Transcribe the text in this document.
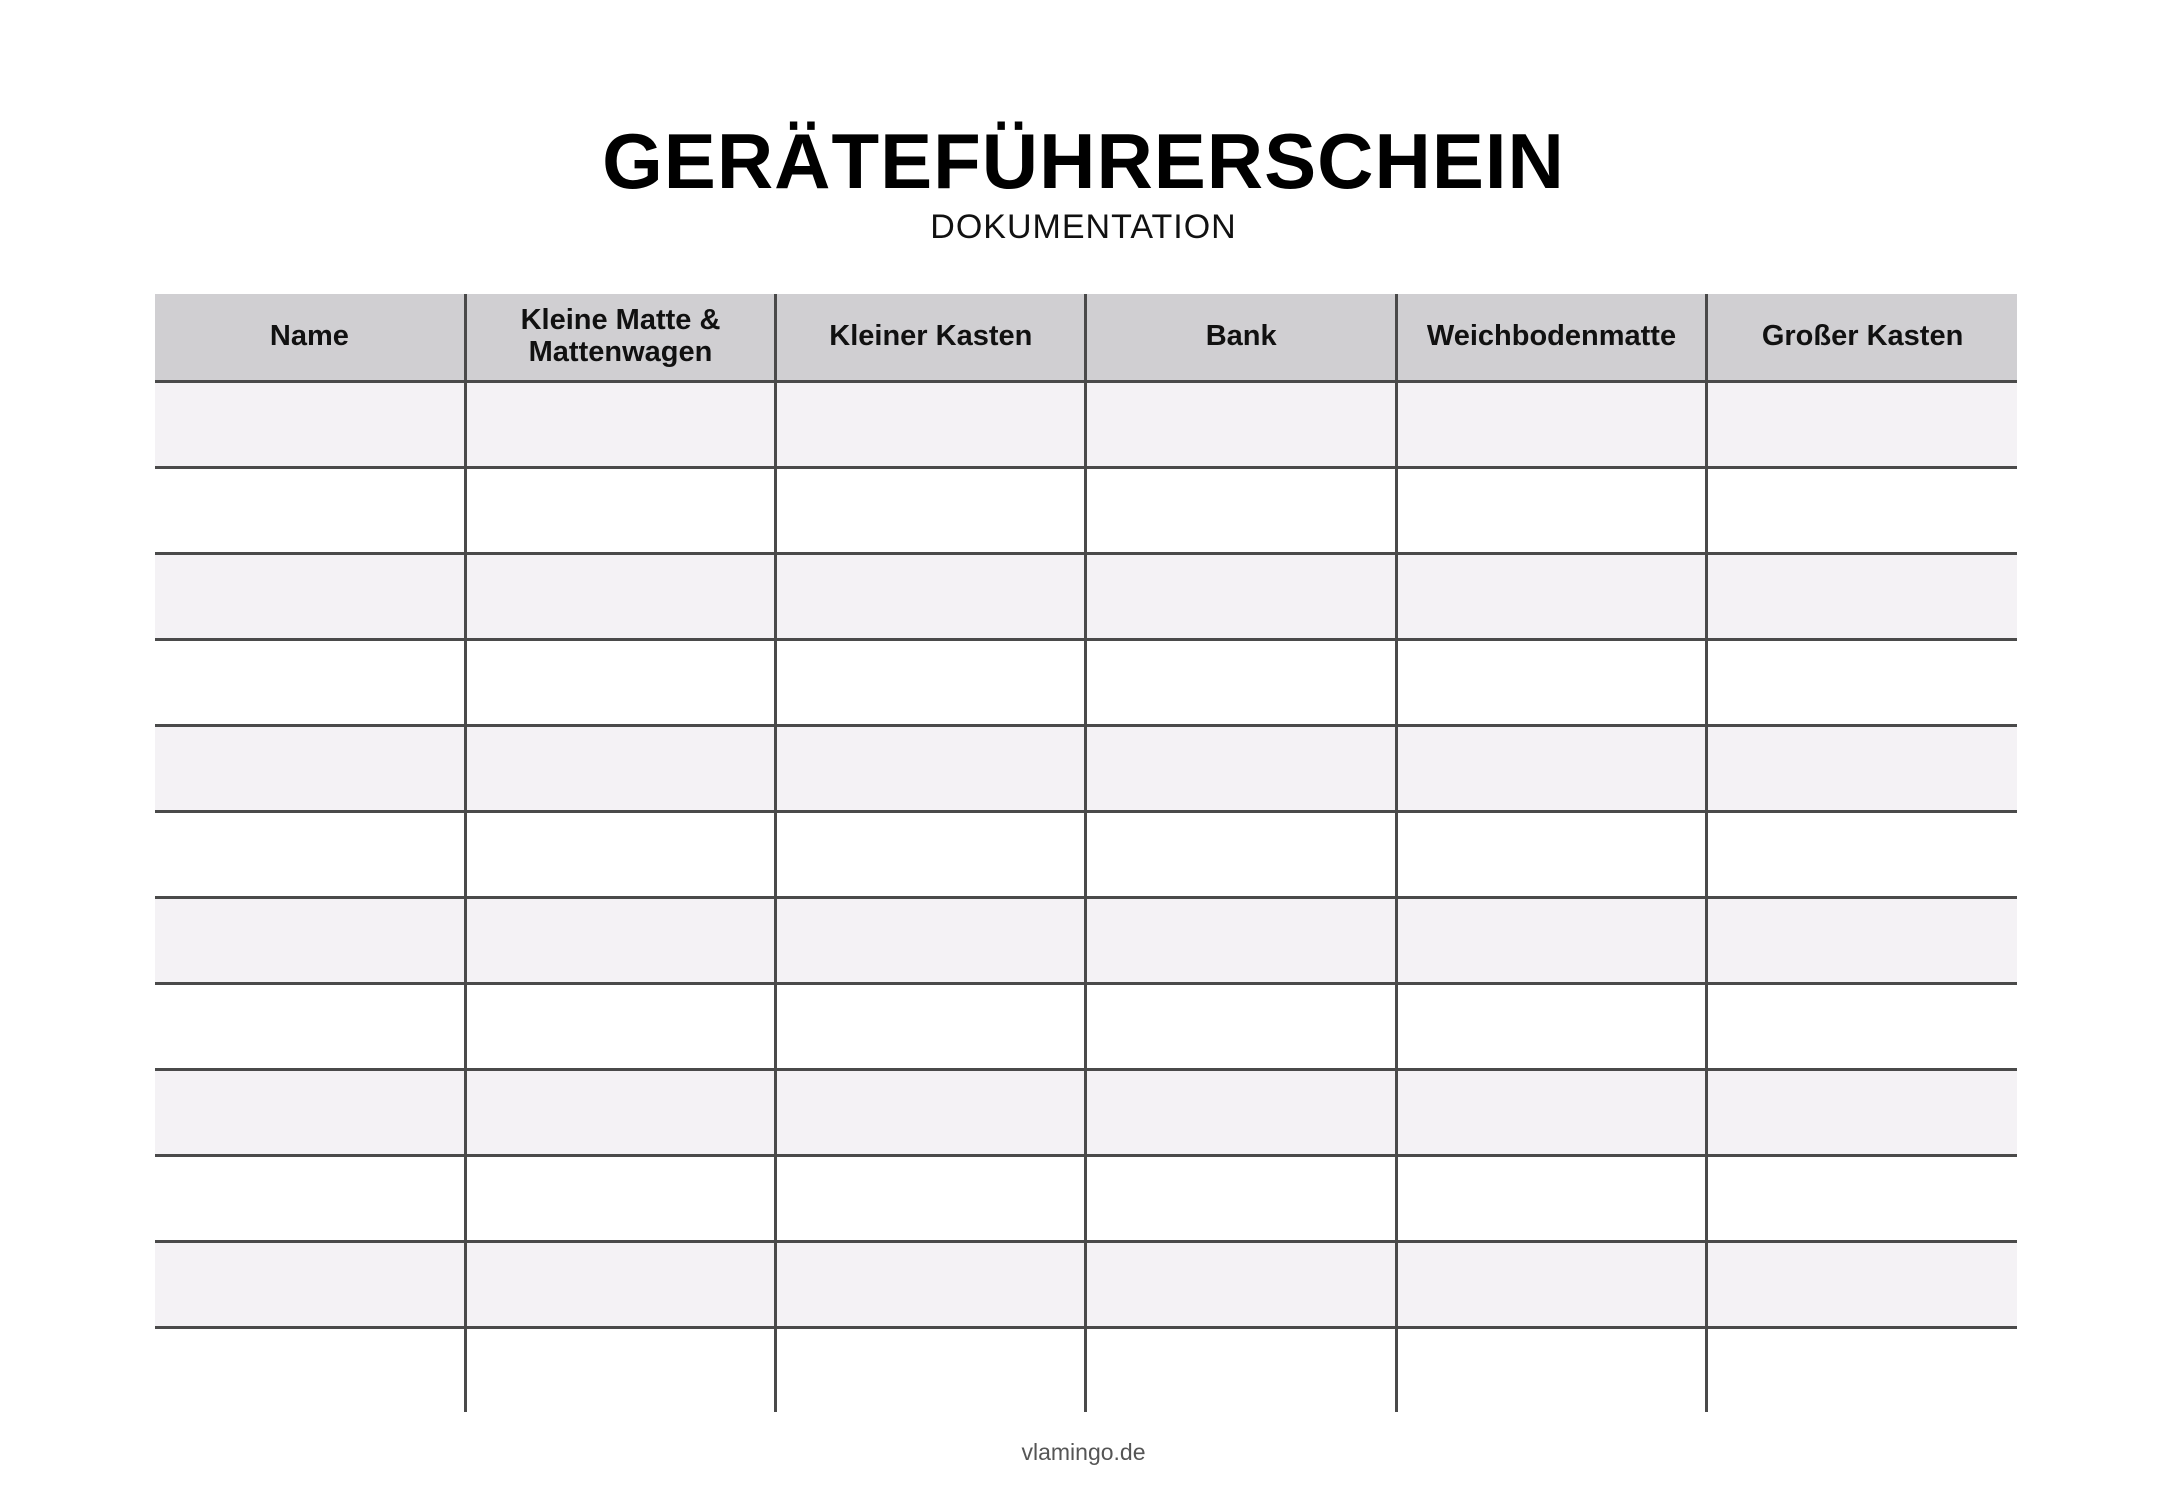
GERÄTEFÜHRERSCHEIN
DOKUMENTATION
Name	Kleine Matte & Mattenwagen	Kleiner Kasten	Bank	Weichbodenmatte	Großer Kasten

vlamingo.de
